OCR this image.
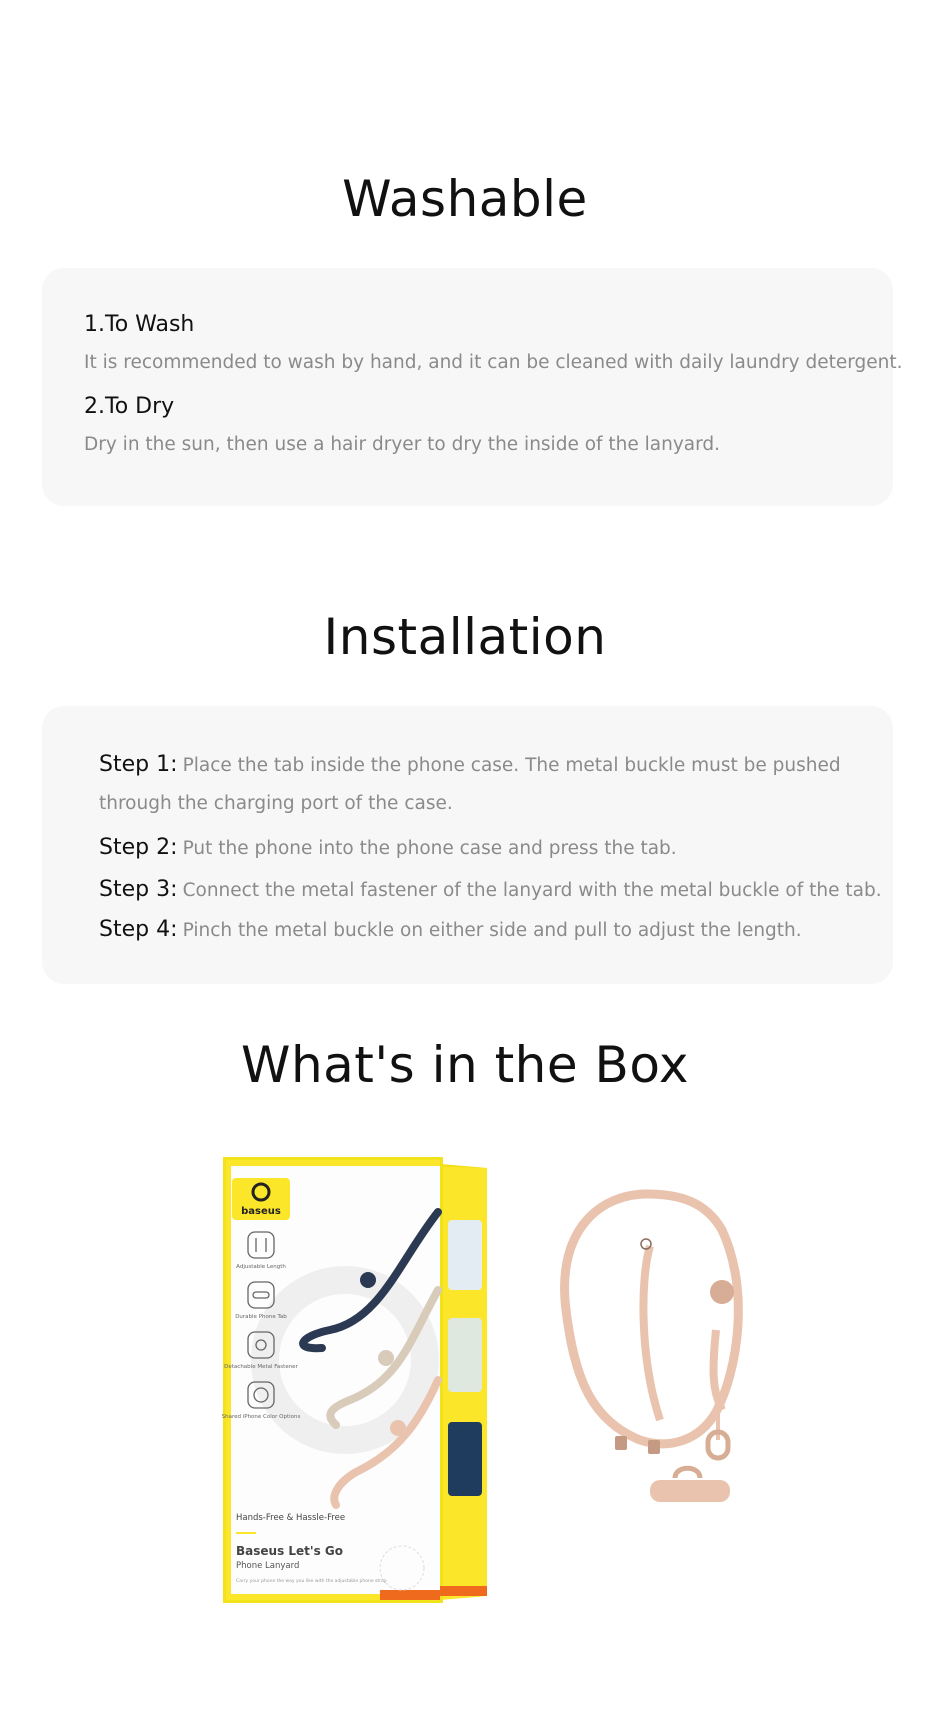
Washable

1.To Wash

It is recommended to wash by hand, and it can be cleaned with daily laundry detergent.

2.To Dry

Dry in the sun, then use a hair dryer to dry the inside of the lanyard.

Installation
Step 1: Place the tab inside the phone case. The metal buckle must be pushed through the charging port of the case.
Step 2: Put the phone into the phone case and press the tab.
Step 3: Connect the metal fastener of the lanyard with the metal buckle of the tab.
Step 4: Pinch the metal buckle on either side and pull to adjust the length.
What's in the Box
baseus
Adjustable Length
Durable Phone Tab
Detachable Metal Fastener
Shared iPhone Color Options
Hands-Free & Hassle-Free
Baseus Let's Go
Phone Lanyard
Carry your phone the way you like with the adjustable phone strap
